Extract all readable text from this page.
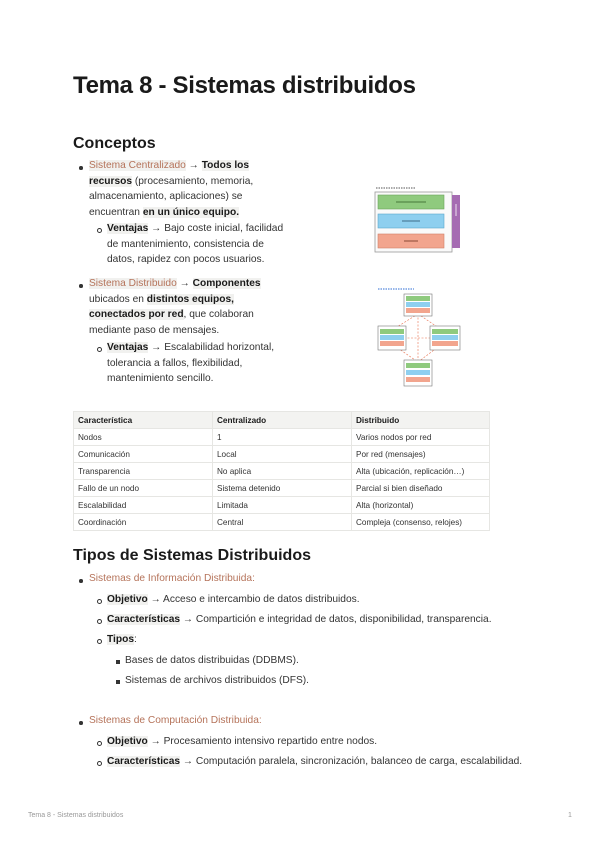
Tema 8 - Sistemas distribuidos
Conceptos
Sistema Centralizado → Todos los
recursos (procesamiento, memoria,
almacenamiento, aplicaciones) se
encuentran en un único equipo.
Ventajas → Bajo coste inicial, facilidad
de mantenimiento, consistencia de
datos, rapidez con pocos usuarios.
Sistema Distribuido → Componentes
ubicados en distintos equipos,
conectados por red, que colaboran
mediante paso de mensajes.
Ventajas → Escalabilidad horizontal,
tolerancia a fallos, flexibilidad,
mantenimiento sencillo.
Característica	Centralizado	Distribuido
Nodos	1	Varios nodos por red
Comunicación	Local	Por red (mensajes)
Transparencia	No aplica	Alta (ubicación, replicación…)
Fallo de un nodo	Sistema detenido	Parcial si bien diseñado
Escalabilidad	Limitada	Alta (horizontal)
Coordinación	Central	Compleja (consenso, relojes)
Tipos de Sistemas Distribuidos
Sistemas de Información Distribuida:
Objetivo → Acceso e intercambio de datos distribuidos.
Características → Compartición e integridad de datos, disponibilidad, transparencia.
Tipos:
Bases de datos distribuidas (DDBMS).
Sistemas de archivos distribuidos (DFS).
Sistemas de Computación Distribuida:
Objetivo → Procesamiento intensivo repartido entre nodos.
Características → Computación paralela, sincronización, balanceo de carga, escalabilidad.
Tema 8 - Sistemas distribuidos	1
